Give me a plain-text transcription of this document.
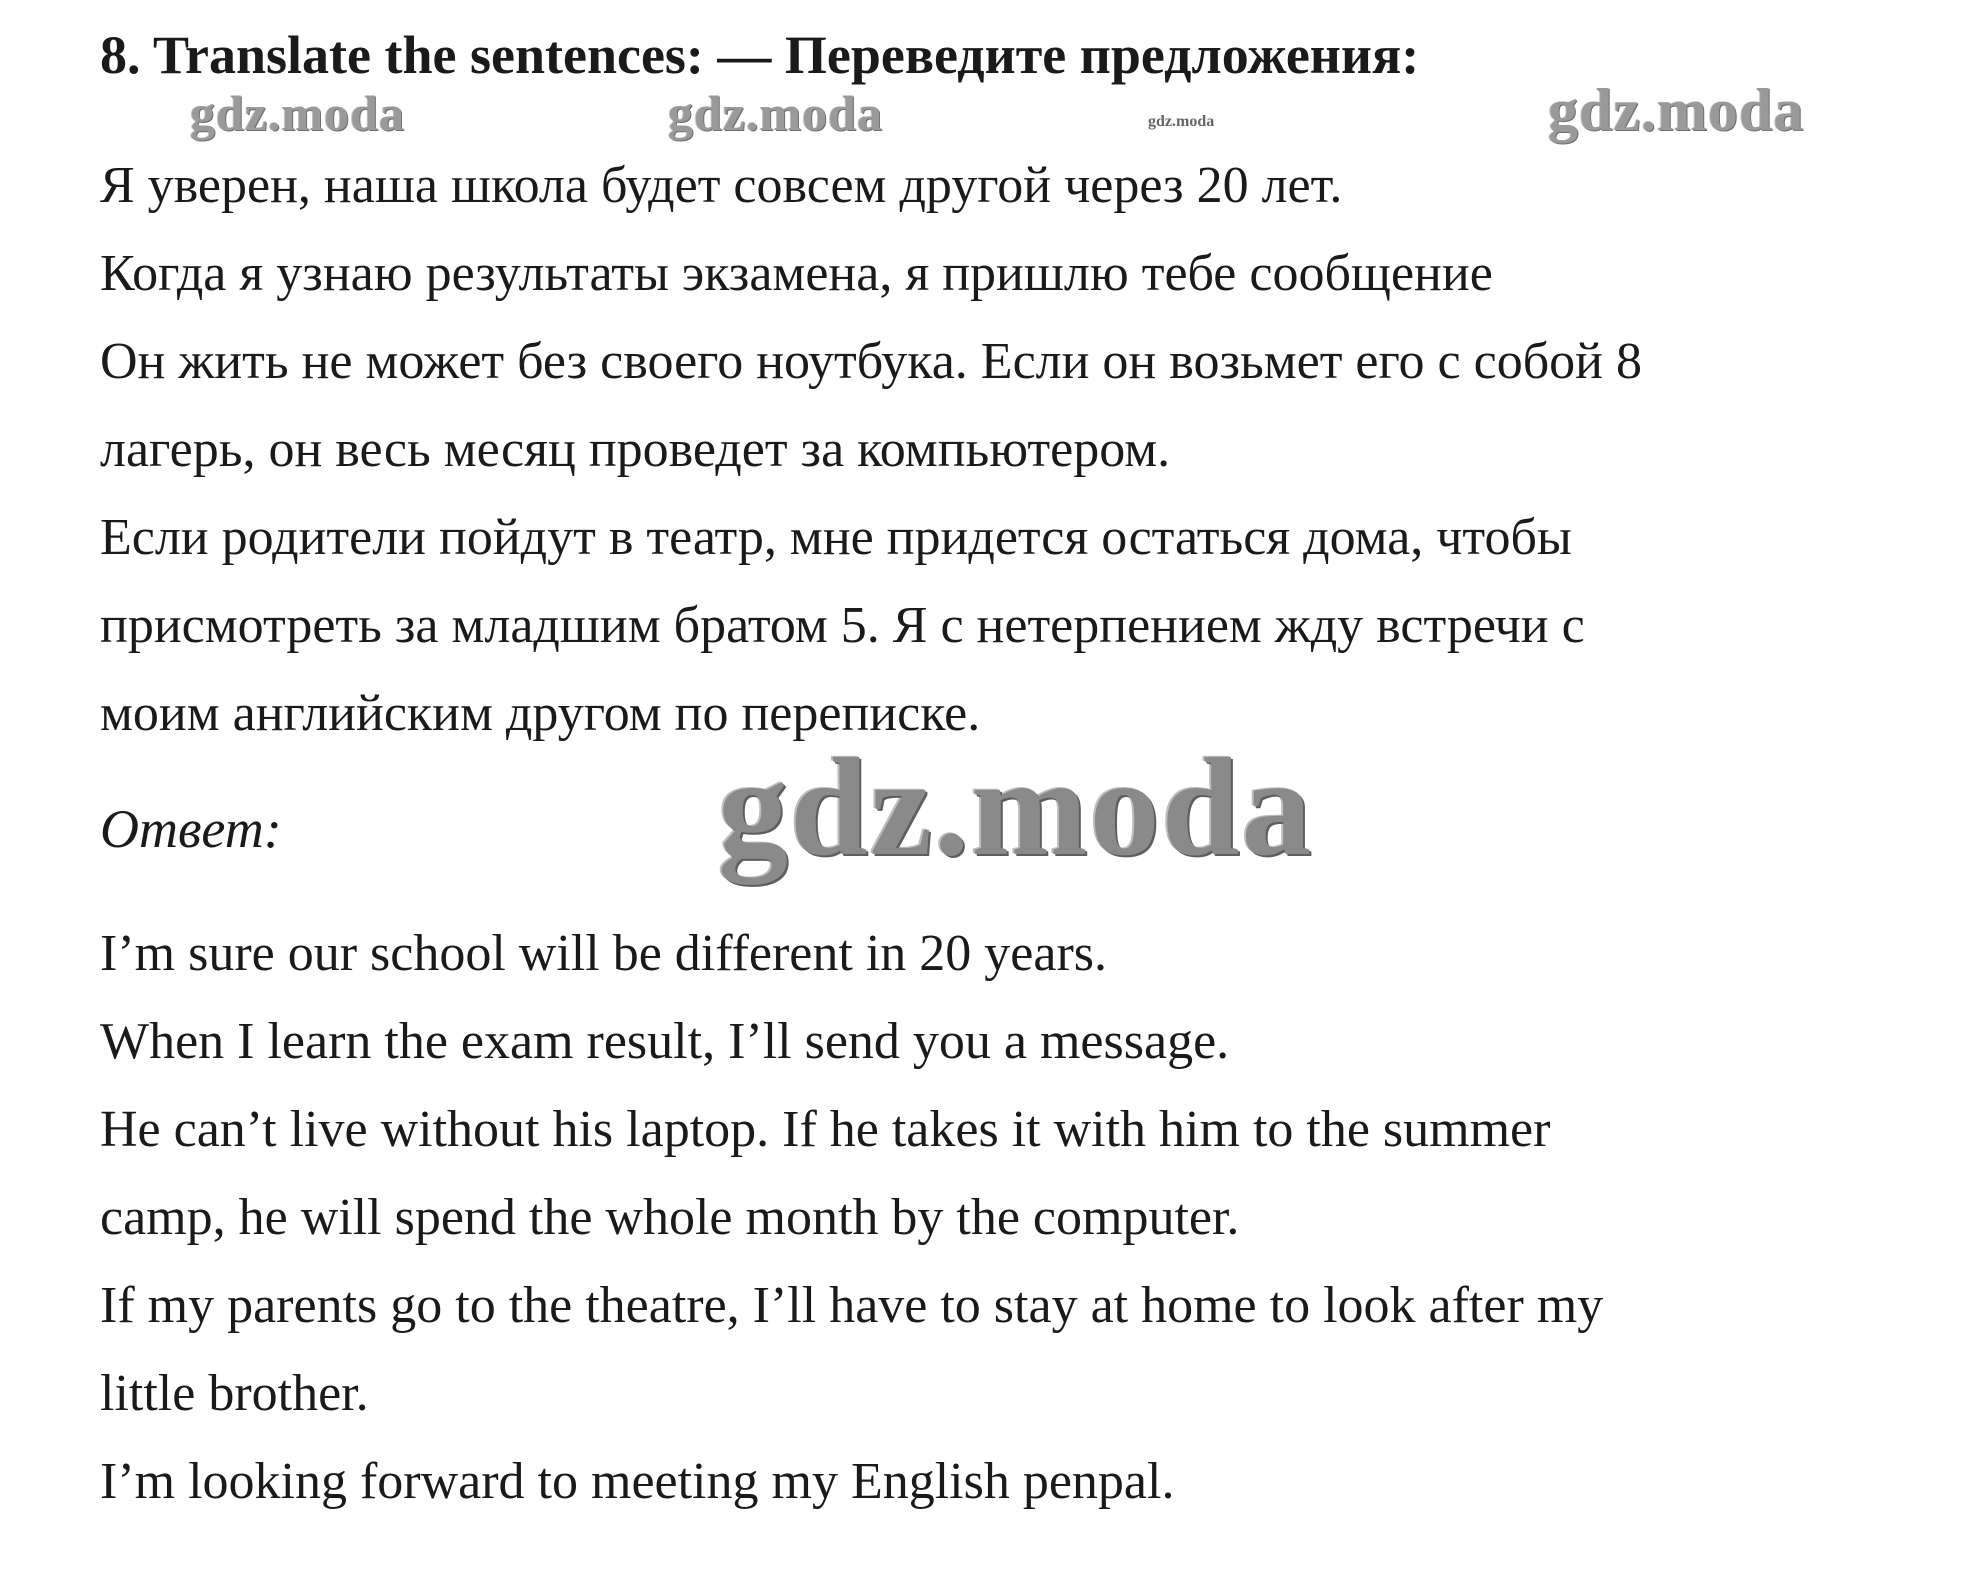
8. Translate the sentences: — Переведите предложения:
gdz.moda	gdz.moda	gdz.moda	gdz.moda
Я уверен, наша школа будет совсем другой через 20 лет.
Когда я узнаю результаты экзамена, я пришлю тебе сообщение
Он жить не может без своего ноутбука. Если он возьмет его с собой 8
лагерь, он весь месяц проведет за компьютером.
Если родители пойдут в театр, мне придется остаться дома, чтобы
присмотреть за младшим братом 5. Я с нетерпением жду встречи с
моим английским другом по переписке.
Ответ:	gdz.moda
I’m sure our school will be different in 20 years.
When I learn the exam result, I’ll send you a message.
He can’t live without his laptop. If he takes it with him to the summer
camp, he will spend the whole month by the computer.
If my parents go to the theatre, I’ll have to stay at home to look after my
little brother.
I’m looking forward to meeting my English penpal.
